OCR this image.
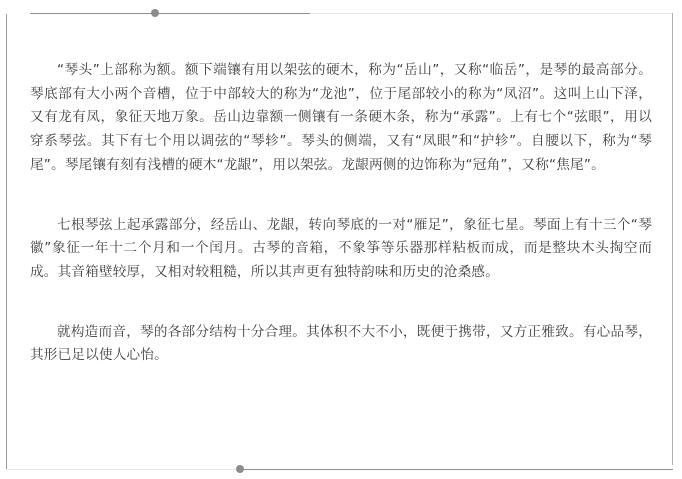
“琴头”上部称为额。额下端镶有用以架弦的硬木，称为“岳山”，又称“临岳”，是琴的最高部分。琴底部有大小两个音槽，位于中部较大的称为“龙池”，位于尾部较小的称为“凤沼”。这叫上山下泽，又有龙有凤，象征天地万象。岳山边靠额一侧镶有一条硬木条，称为“承露”。上有七个“弦眼”，用以穿系琴弦。其下有七个用以调弦的“琴轸”。琴头的侧端，又有“凤眼”和“护轸”。自腰以下，称为“琴尾”。琴尾镶有刻有浅槽的硬木“龙龈”，用以架弦。龙龈两侧的边饰称为“冠角”，又称“焦尾”。

七根琴弦上起承露部分，经岳山、龙龈，转向琴底的一对“雁足”，象征七星。琴面上有十三个“琴徽”象征一年十二个月和一个闰月。古琴的音箱，不象筝等乐器那样粘板而成，而是整块木头掏空而成。其音箱壁较厚，又相对较粗糙，所以其声更有独特韵味和历史的沧桑感。

就构造而音，琴的各部分结构十分合理。其体积不大不小，既便于携带，又方正雅致。有心品琴，其形已足以使人心怡。
